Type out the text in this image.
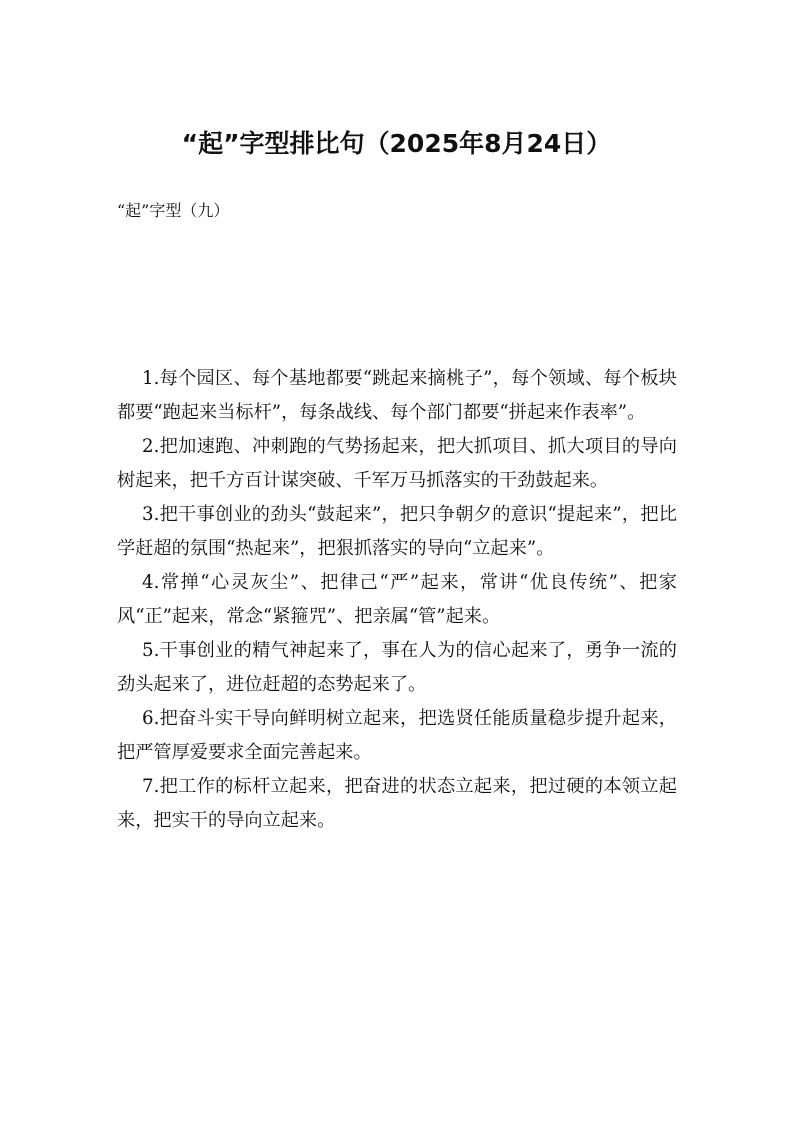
“起”字型排比句（2025年8月24日）

“起”字型（九）

1.每个园区、每个基地都要“跳起来摘桃子”，每个领域、每个板块都要“跑起来当标杆”，每条战线、每个部门都要“拼起来作表率”。

2.把加速跑、冲刺跑的气势扬起来，把大抓项目、抓大项目的导向树起来，把千方百计谋突破、千军万马抓落实的干劲鼓起来。

3.把干事创业的劲头“鼓起来”，把只争朝夕的意识“提起来”，把比学赶超的氛围“热起来”，把狠抓落实的导向“立起来”。

4.常掸“心灵灰尘”、把律己“严”起来，常讲“优良传统”、把家风“正”起来，常念“紧箍咒”、把亲属“管”起来。

5.干事创业的精气神起来了，事在人为的信心起来了，勇争一流的劲头起来了，进位赶超的态势起来了。

6.把奋斗实干导向鲜明树立起来，把选贤任能质量稳步提升起来，把严管厚爱要求全面完善起来。

7.把工作的标杆立起来，把奋进的状态立起来，把过硬的本领立起来，把实干的导向立起来。
